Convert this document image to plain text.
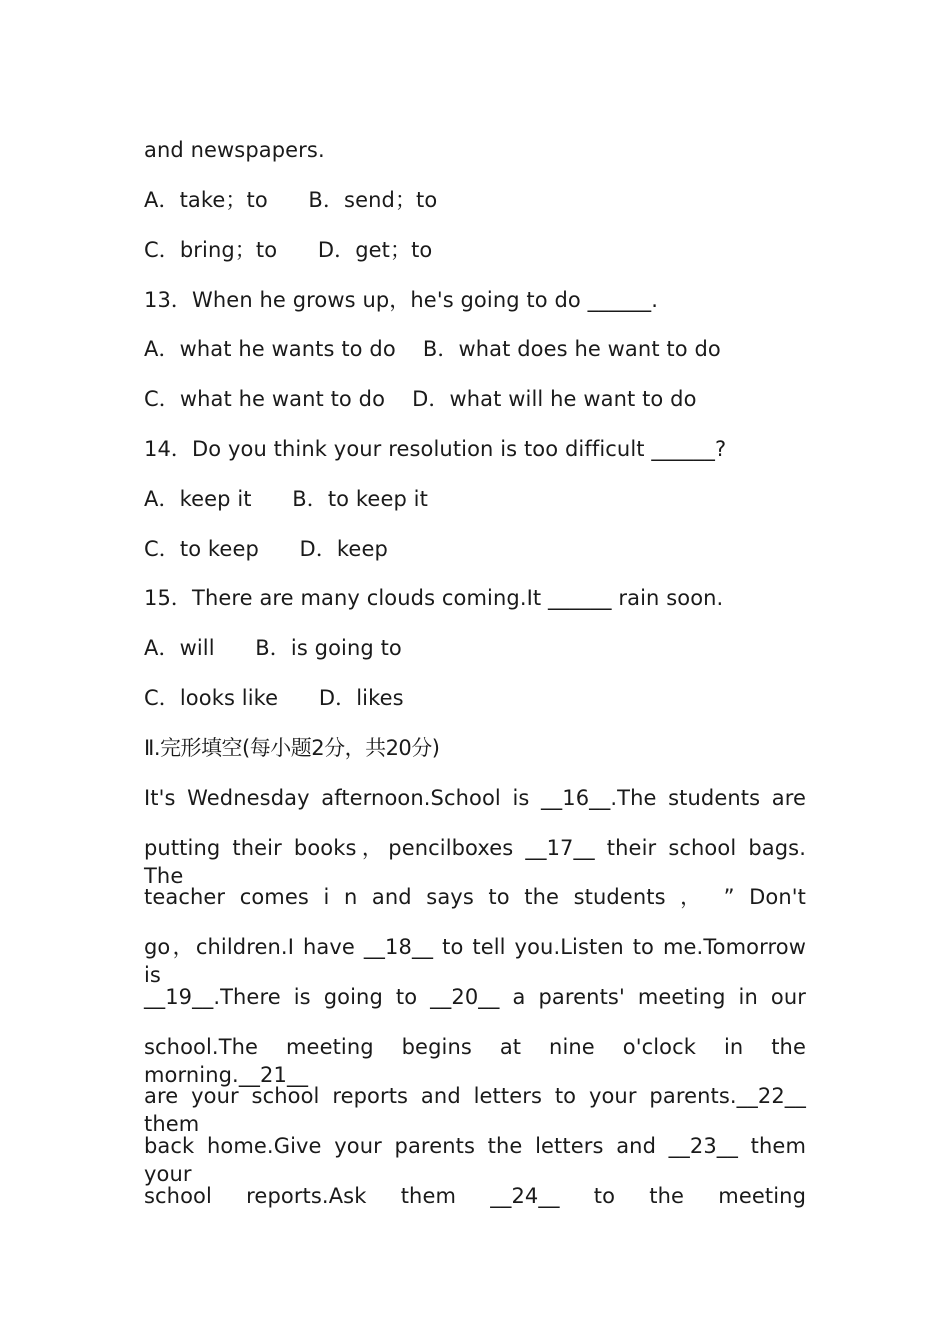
and newspapers.
A．take；to      B．send；to
C．bring；to      D．get；to
13．When he grows up，he's going to do ______.
A．what he wants to do    B．what does he want to do
C．what he want to do    D．what will he want to do
14．Do you think your resolution is too difficult ______?
A．keep it      B．to keep it
C．to keep      D．keep
15．There are many clouds coming.It ______ rain soon.
A．will      B．is going to
C．looks like      D．likes
Ⅱ.完形填空(每小题2分，共20分)
It's Wednesday afternoon.School is __16__.The students are
putting their books，pencilboxes __17__ their school bags. The
teacher comes i n and says to the students ， ” Don't
go，children.I have __18__ to tell you.Listen to me.Tomorrow is
__19__.There is going to __20__ a parents' meeting in our
school.The meeting begins at nine o'clock in the morning.__21__
are your school reports and letters to your parents.__22__ them
back home.Give your parents the letters and __23__ them your
school reports.Ask them __24__ to the meeting
